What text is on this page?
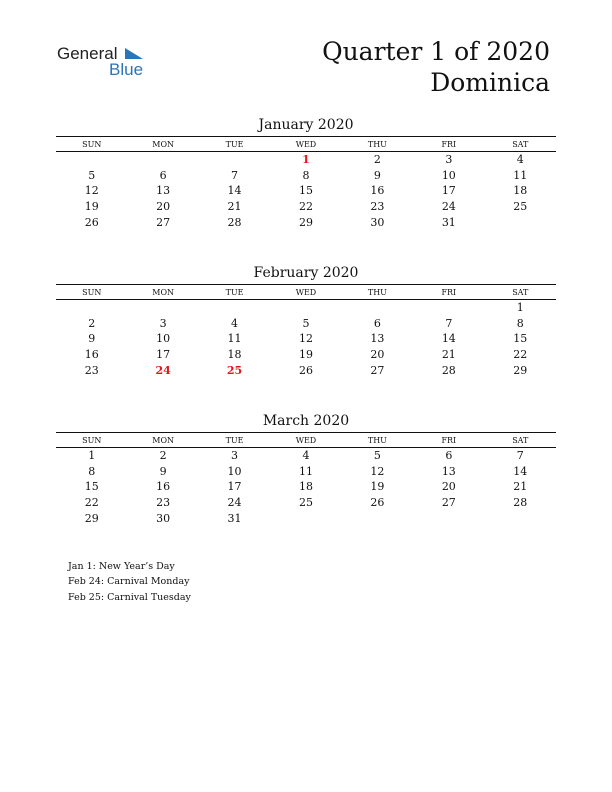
General
Blue
Quarter 1 of 2020
Dominica
January 2020
SUN	MON	TUE	WED	THU	FRI	SAT
			1	2	3	4
5	6	7	8	9	10	11
12	13	14	15	16	17	18
19	20	21	22	23	24	25
26	27	28	29	30	31	
February 2020
SUN	MON	TUE	WED	THU	FRI	SAT
						1
2	3	4	5	6	7	8
9	10	11	12	13	14	15
16	17	18	19	20	21	22
23	24	25	26	27	28	29
March 2020
SUN	MON	TUE	WED	THU	FRI	SAT
1	2	3	4	5	6	7
8	9	10	11	12	13	14
15	16	17	18	19	20	21
22	23	24	25	26	27	28
29	30	31				
Jan 1: New Year’s Day
Feb 24: Carnival Monday
Feb 25: Carnival Tuesday
